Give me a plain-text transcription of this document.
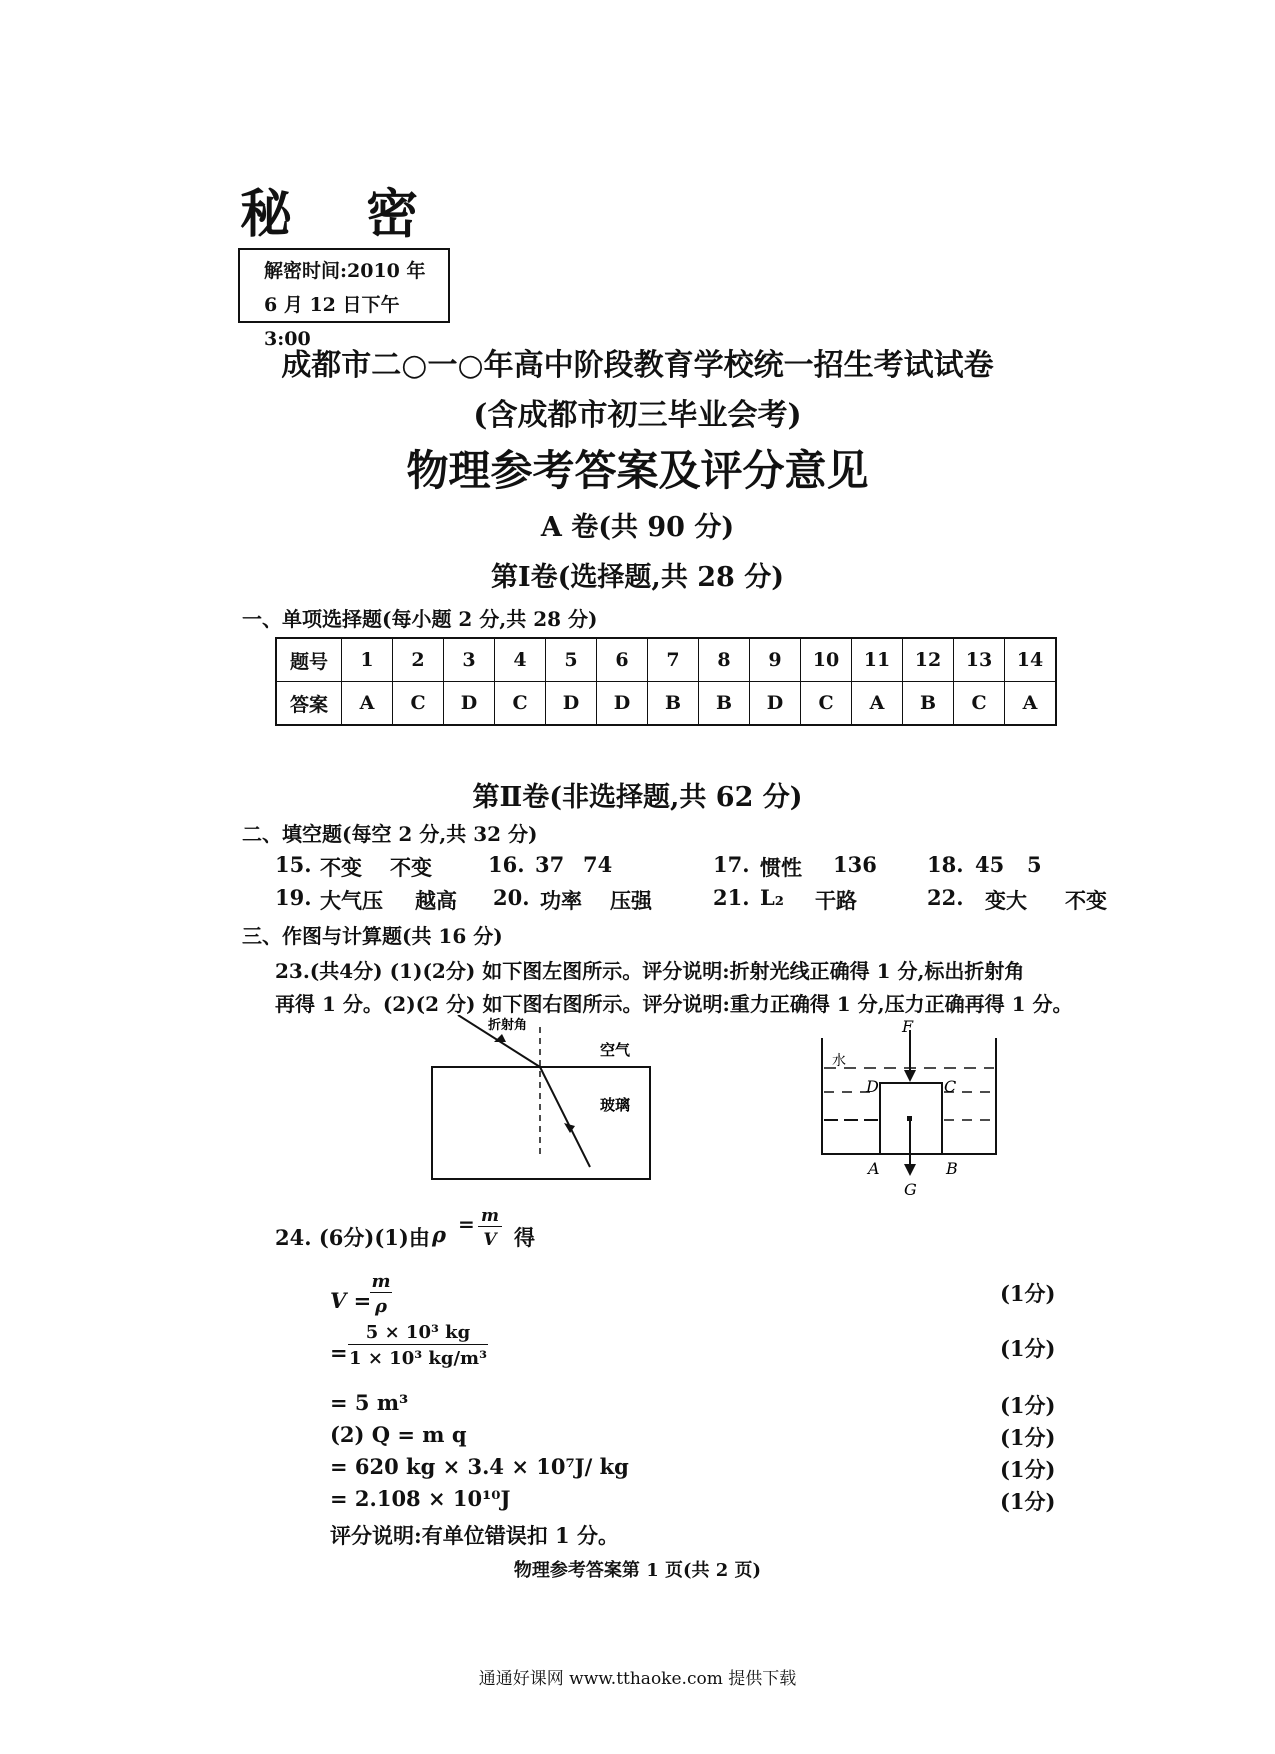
秘 密
解密时间:2010 年
6 月 12 日下午 3:00
成都市二○一○年高中阶段教育学校统一招生考试试卷
(含成都市初三毕业会考)
物理参考答案及评分意见
A 卷(共 90 分)
第Ⅰ卷(选择题,共 28 分)
一、单项选择题(每小题 2 分,共 28 分)
题号	1	2	3	4	5	6	7	8	9	10	11	12	13	14
答案	A	C	D	C	D	D	B	B	D	C	A	B	C	A
第Ⅱ卷(非选择题,共 62 分)
二、填空题(每空 2 分,共 32 分)
15. 不变 不变	16. 37 74	17. 惯性 136 18. 45 5
19. 大气压 越高 20. 功率 压强	21. L₂ 干路	22. 变大 不变
三、作图与计算题(共 16 分)
23.(共4分) (1)(2分) 如下图左图所示。评分说明:折射光线正确得 1 分,标出折射角
再得 1 分。(2)(2 分) 如下图右图所示。评分说明:重力正确得 1 分,压力正确再得 1 分。
折射角
空气
玻璃
F
水
D	C
A	B
G
24. (6分)(1)由 ρ = m
V 得
V =
m
ρ
(1分)
=
5 × 10³ kg
1 × 10³ kg/m³	(1分)
= 5 m³	(1分)
(2) Q = m q	(1分)
= 620 kg × 3.4 × 10⁷J/ kg	(1分)
= 2.108 × 10¹⁰J	(1分)
评分说明:有单位错误扣 1 分。
物理参考答案第 1 页(共 2 页)
通通好课网 www.tthaoke.com 提供下载
